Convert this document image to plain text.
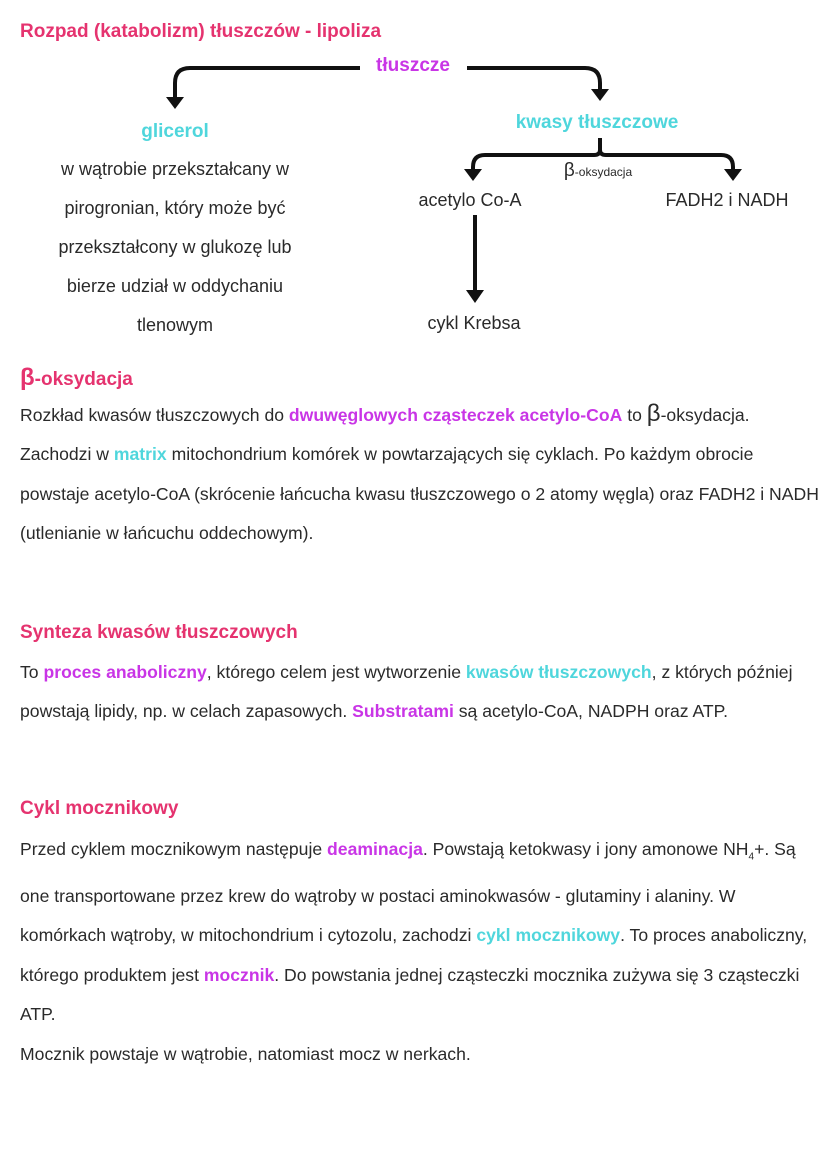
Rozpad (katabolizm) tłuszczów - lipoliza
tłuszcze
glicerol
w wątrobie przekształcany w
pirogronian, który może być
przekształcony w glukozę lub
bierze udział w oddychaniu
tlenowym
kwasy tłuszczowe
β-oksydacja
acetylo Co-A	FADH2 i NADH
cykl Krebsa
β-oksydacja
Rozkład kwasów tłuszczowych do dwuwęglowych cząsteczek acetylo-CoA to β-oksydacja. Zachodzi w matrix mitochondrium komórek w powtarzających się cyklach. Po każdym obrocie powstaje acetylo-CoA (skrócenie łańcucha kwasu tłuszczowego o 2 atomy węgla) oraz FADH2 i NADH (utlenianie w łańcuchu oddechowym).
Synteza kwasów tłuszczowych
To proces anaboliczny, którego celem jest wytworzenie kwasów tłuszczowych, z których później powstają lipidy, np. w celach zapasowych. Substratami są acetylo-CoA, NADPH oraz ATP.
Cykl mocznikowy
Przed cyklem mocznikowym następuje deaminacja. Powstają ketokwasy i jony amonowe $NH_4+$. Są one transportowane przez krew do wątroby w postaci aminokwasów - glutaminy i alaniny. W komórkach wątroby, w mitochondrium i cytozolu, zachodzi cykl mocznikowy. To proces anaboliczny, którego produktem jest mocznik. Do powstania jednej cząsteczki mocznika zużywa się 3 cząsteczki ATP.
Mocznik powstaje w wątrobie, natomiast mocz w nerkach.
